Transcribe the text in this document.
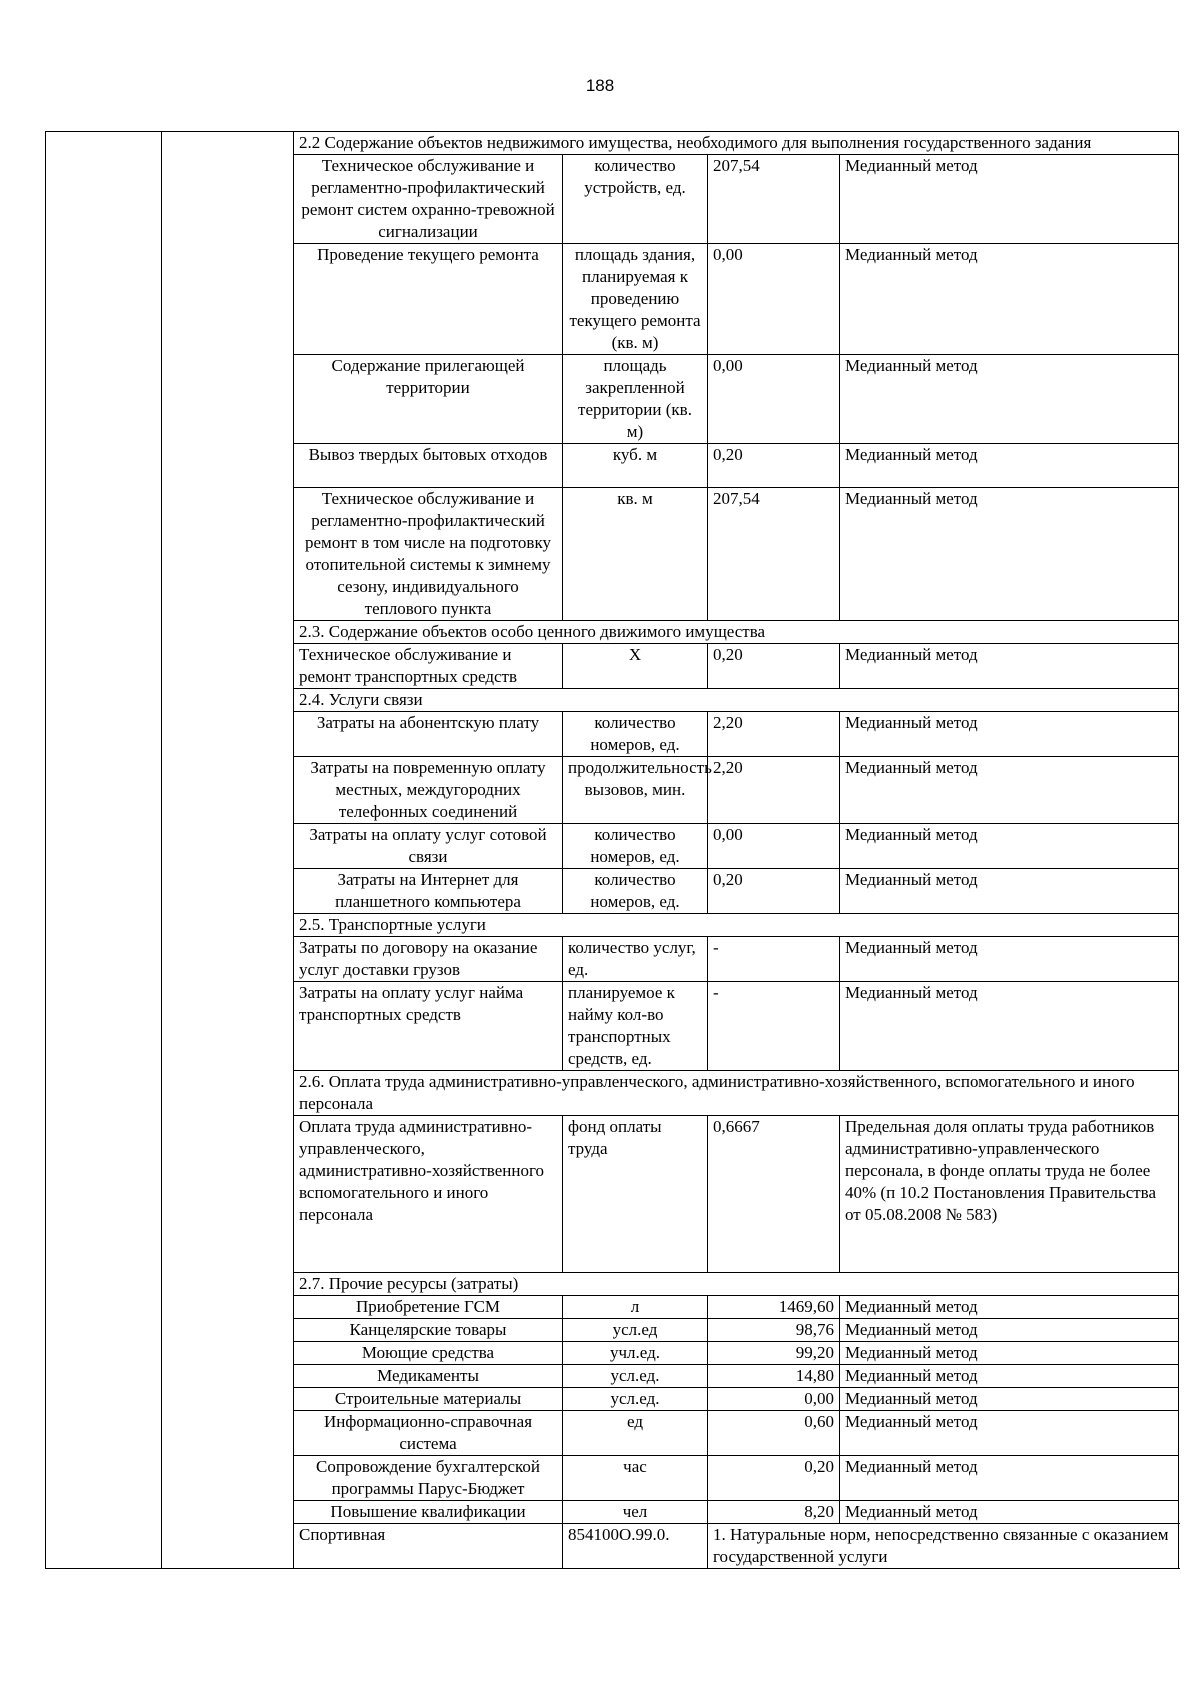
188
		2.2 Содержание объектов недвижимого имущества, необходимого для выполнения государственного задания			
		Техническое обслуживание и регламентно-профилактический ремонт систем охранно-тревожной сигнализации	количество устройств, ед.	207,54	Медианный метод
		Проведение текущего ремонта	площадь здания, планируемая к проведению текущего ремонта (кв. м)	0,00	Медианный метод
		Содержание прилегающей территории	площадь закрепленной территории (кв. м)	0,00	Медианный метод
		Вывоз твердых бытовых отходов	куб. м	0,20	Медианный метод
		Техническое обслуживание и регламентно-профилактический ремонт в том числе на подготовку отопительной системы к зимнему сезону, индивидуального теплового пункта	кв. м	207,54	Медианный метод
		2.3. Содержание объектов особо ценного движимого имущества			
		Техническое обслуживание и ремонт транспортных средств	Х	0,20	Медианный метод
		2.4. Услуги связи			
		Затраты на абонентскую плату	количество номеров, ед.	2,20	Медианный метод
		Затраты на повременную оплату местных, междугородних телефонных соединений	продолжительность вызовов, мин.	2,20	Медианный метод
		Затраты на оплату услуг сотовой связи	количество номеров, ед.	0,00	Медианный метод
		Затраты на Интернет для планшетного компьютера	количество номеров, ед.	0,20	Медианный метод
		2.5. Транспортные услуги			
		Затраты по договору на оказание услуг доставки грузов	количество услуг, ед.	-	Медианный метод
		Затраты на оплату услуг найма транспортных средств	планируемое к найму кол-во транспортных средств, ед.	-	Медианный метод
		2.6. Оплата труда административно-управленческого, административно-хозяйственного, вспомогательного и иного персонала			
		Оплата труда административно-управленческого, административно-хозяйственного вспомогательного и иного персонала	фонд оплаты труда	0,6667	Предельная доля оплаты труда работников административно-управленческого персонала, в фонде оплаты труда не более 40% (п 10.2 Постановления Правительства от 05.08.2008 № 583)
		2.7. Прочие ресурсы (затраты)			
		Приобретение ГСМ	л	1469,60	Медианный метод
		Канцелярские товары	усл.ед	98,76	Медианный метод
		Моющие средства	учл.ед.	99,20	Медианный метод
		Медикаменты	усл.ед.	14,80	Медианный метод
		Строительные материалы	усл.ед.	0,00	Медианный метод
		Информационно-справочная система	ед	0,60	Медианный метод
		Сопровождение бухгалтерской программы Парус-Бюджет	час	0,20	Медианный метод
		Повышение квалификации	чел	8,20	Медианный метод
		Спортивная	854100О.99.0.	1. Натуральные норм, непосредственно связанные с оказанием государственной услуги	
